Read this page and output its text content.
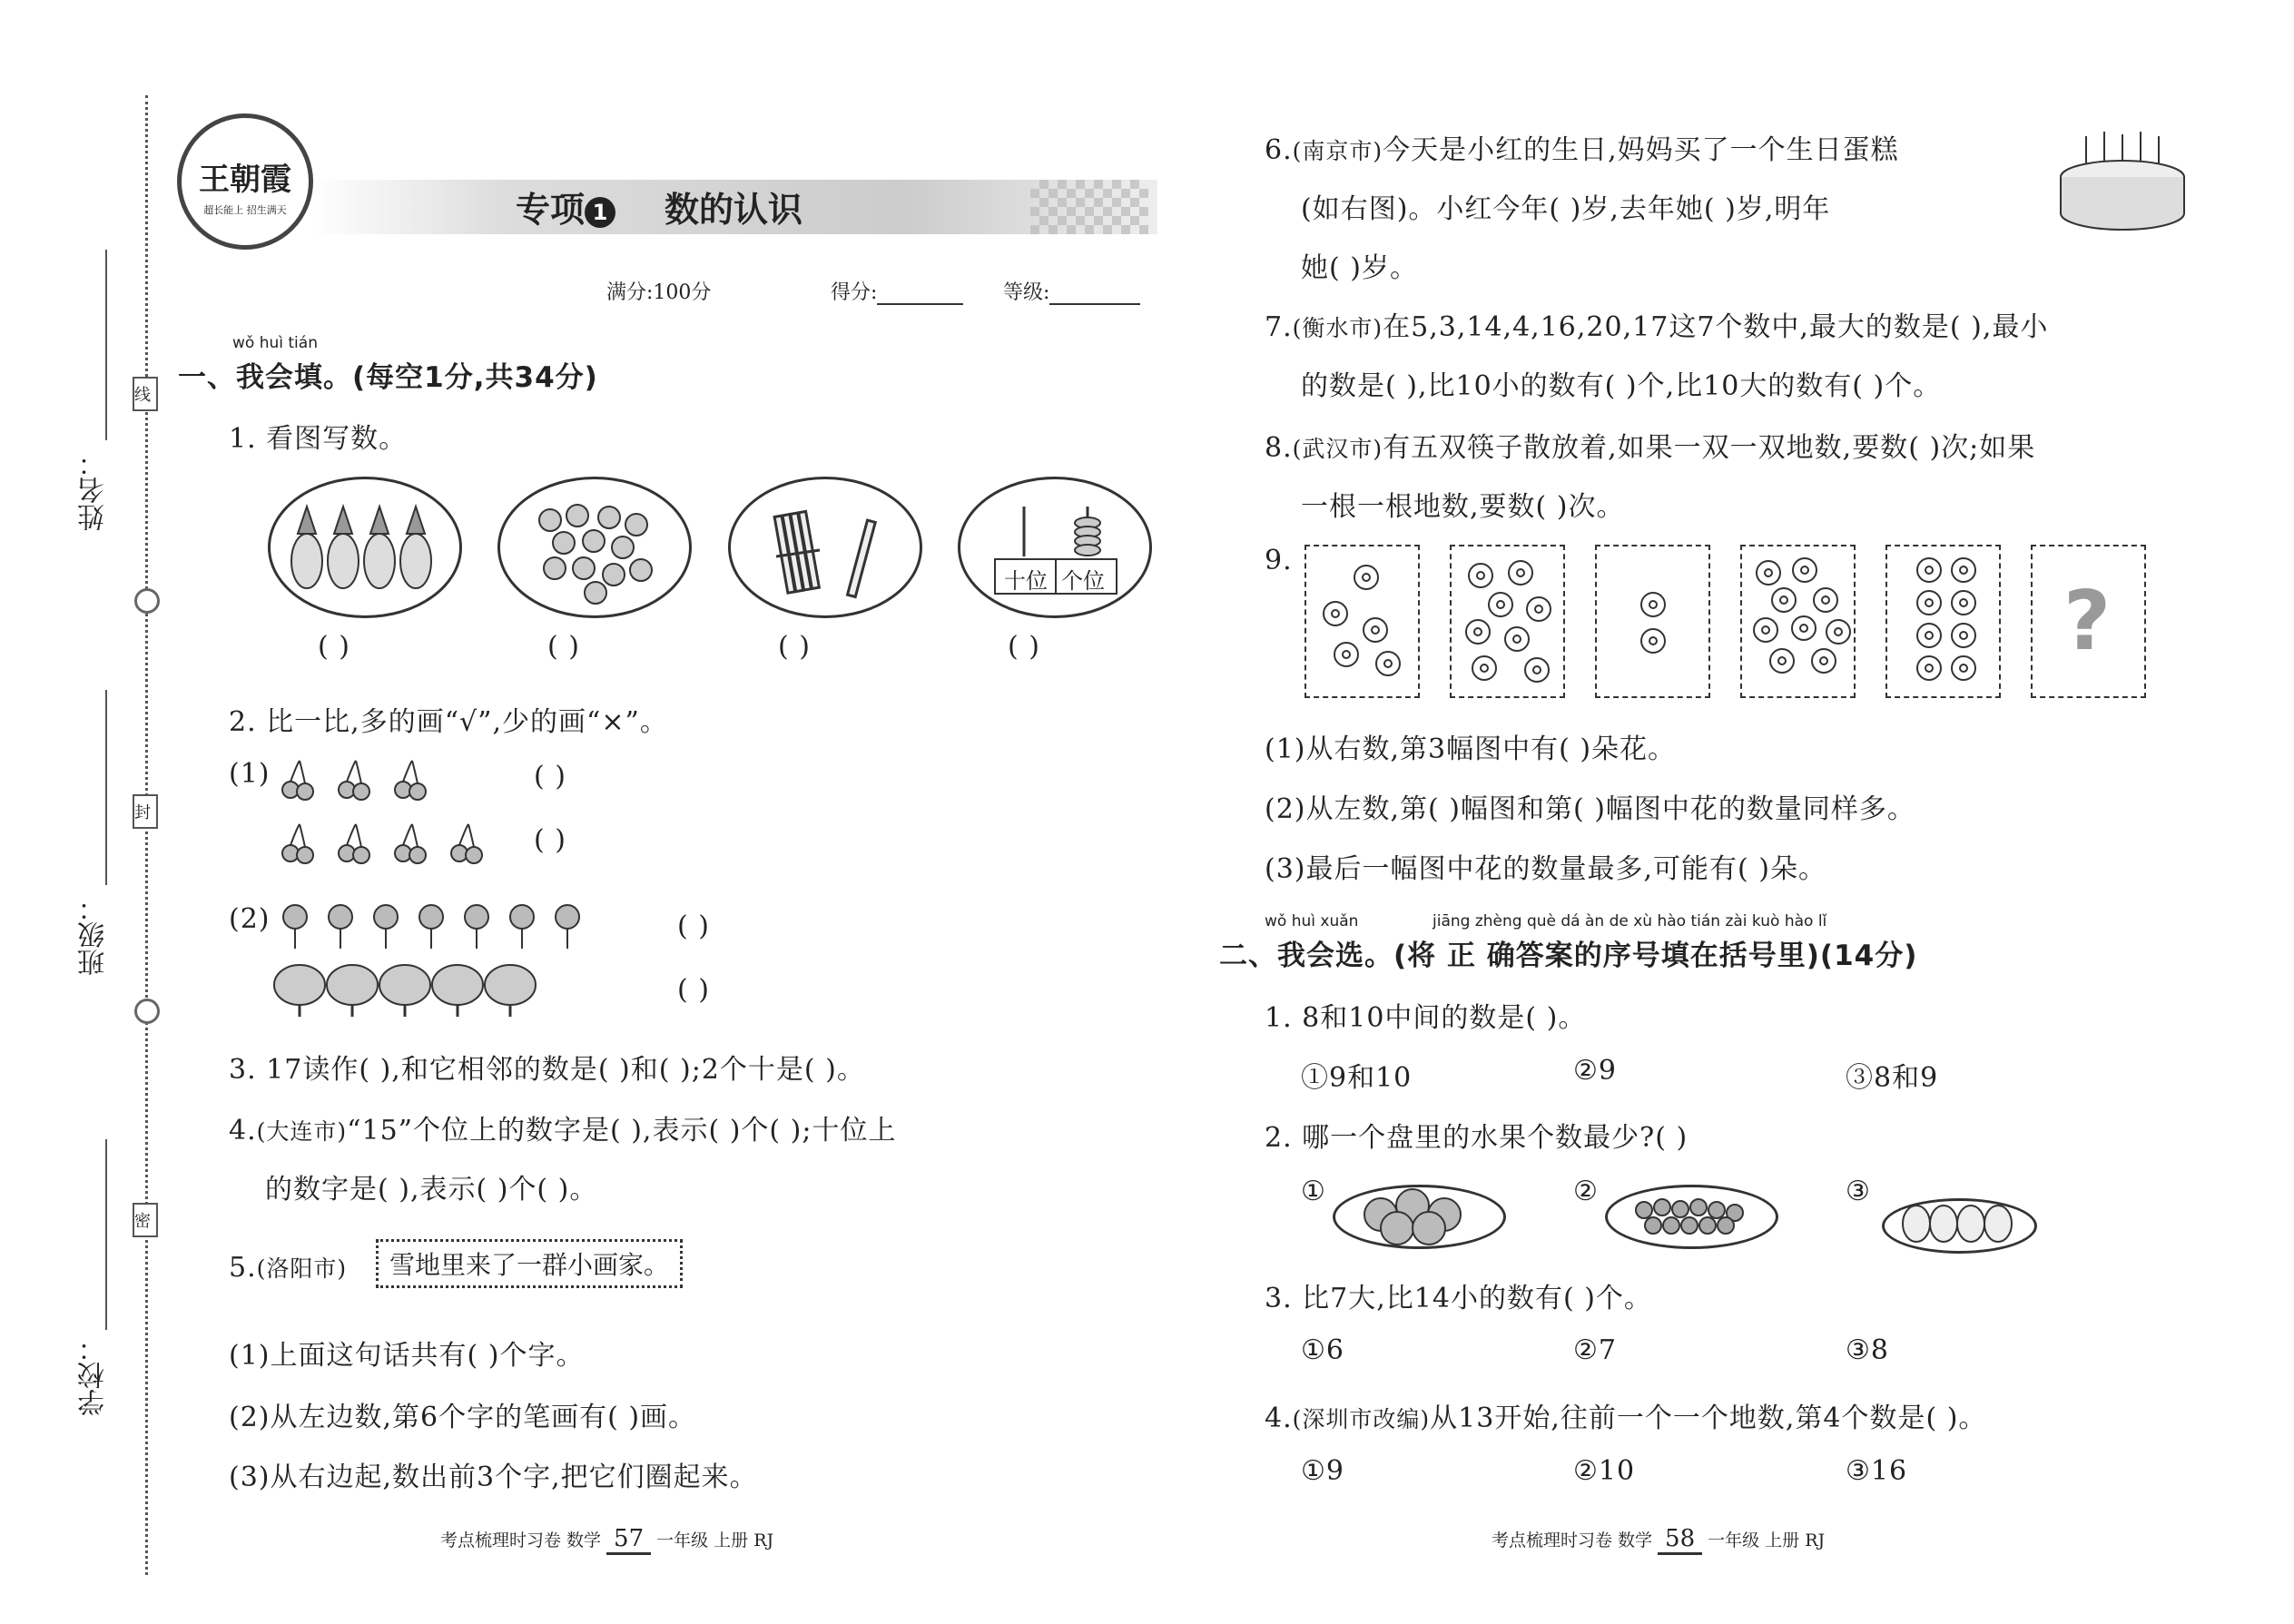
学校：
班级：
姓名：
线
封
密
王朝霞
超长能上 招生满天	专项 1 数的认识
满分:100分	得分:	等级:
wǒ huì tián
一、我会填。(每空1分,共34分)
1. 看图写数。
十位 个位
( )	( )	( )	( )
2. 比一比,多的画“√”,少的画“×”。
(1)	( )
( )
(2)	( )
( )
3. 17读作( ),和它相邻的数是( )和( );2个十是( )。
4.(大连市)“15”个位上的数字是( ),表示( )个( );十位上
的数字是( ),表示( )个( )。
5.(洛阳市)	雪地里来了一群小画家。
(1)上面这句话共有( )个字。
(2)从左边数,第6个字的笔画有( )画。
(3)从右边起,数出前3个字,把它们圈起来。
考点梳理时习卷 数学 57 一年级 上册 RJ
6.(南京市)今天是小红的生日,妈妈买了一个生日蛋糕
(如右图)。小红今年( )岁,去年她( )岁,明年
她( )岁。
7.(衡水市)在5,3,14,4,16,20,17这7个数中,最大的数是( ),最小
的数是( ),比10小的数有( )个,比10大的数有( )个。
8.(武汉市)有五双筷子散放着,如果一双一双地数,要数( )次;如果
一根一根地数,要数( )次。
9.
?
(1)从右数,第3幅图中有( )朵花。
(2)从左数,第( )幅图和第( )幅图中花的数量同样多。
(3)最后一幅图中花的数量最多,可能有( )朵。
wǒ huì xuǎn	jiāng zhèng què dá àn de xù hào tián zài kuò hào lǐ
二、我会选。(将 正 确答案的序号填在括号里)(14分)
1. 8和10中间的数是( )。
①9和10	②9	③8和9
2. 哪一个盘里的水果个数最少?( )
①	②	③
3. 比7大,比14小的数有( )个。
①6	②7	③8
4.(深圳市改编)从13开始,往前一个一个地数,第4个数是( )。
①9	②10	③16
考点梳理时习卷 数学 58 一年级 上册 RJ
